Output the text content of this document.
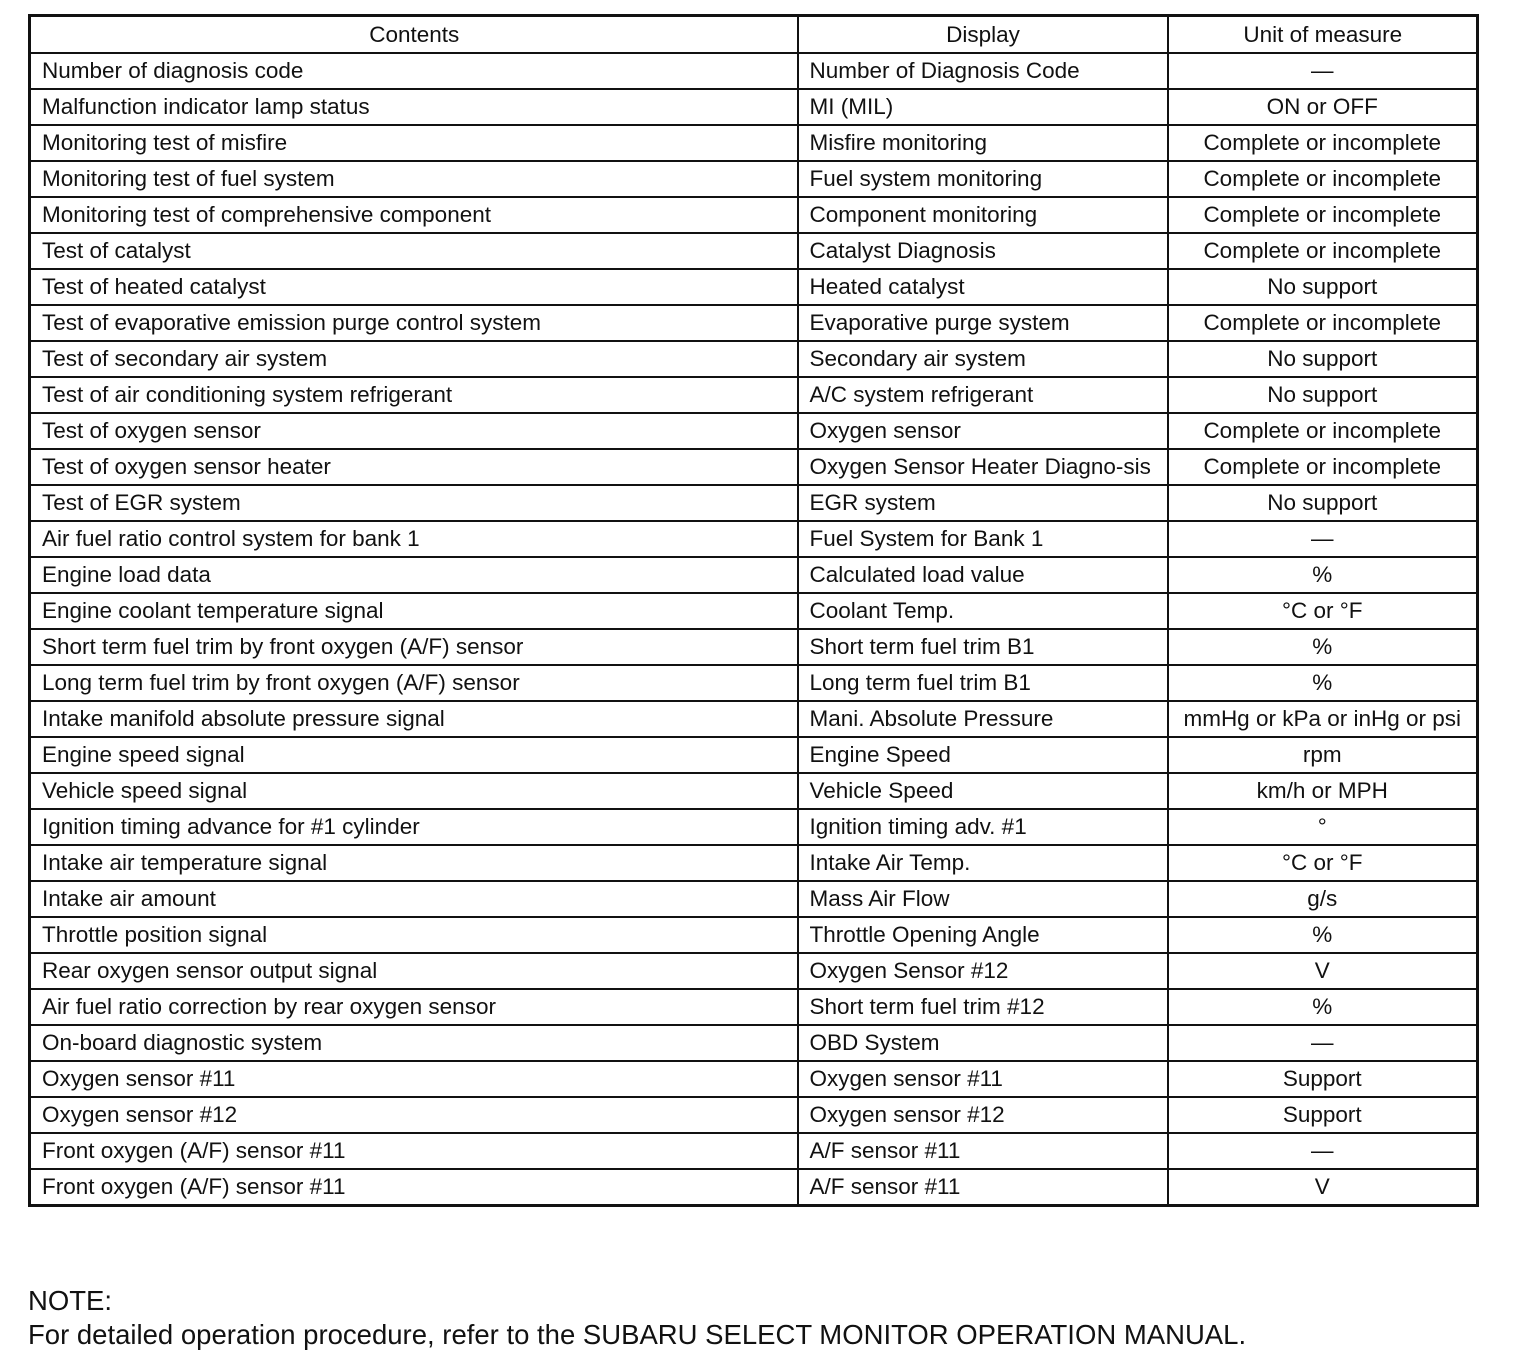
Contents	Display	Unit of measure
Number of diagnosis code	Number of Diagnosis Code	—
Malfunction indicator lamp status	MI (MIL)	ON or OFF
Monitoring test of misfire	Misfire monitoring	Complete or incomplete
Monitoring test of fuel system	Fuel system monitoring	Complete or incomplete
Monitoring test of comprehensive component	Component monitoring	Complete or incomplete
Test of catalyst	Catalyst Diagnosis	Complete or incomplete
Test of heated catalyst	Heated catalyst	No support
Test of evaporative emission purge control system	Evaporative purge system	Complete or incomplete
Test of secondary air system	Secondary air system	No support
Test of air conditioning system refrigerant	A/C system refrigerant	No support
Test of oxygen sensor	Oxygen sensor	Complete or incomplete
Test of oxygen sensor heater	Oxygen Sensor Heater Diagno-sis	Complete or incomplete
Test of EGR system	EGR system	No support
Air fuel ratio control system for bank 1	Fuel System for Bank 1	—
Engine load data	Calculated load value	%
Engine coolant temperature signal	Coolant Temp.	°C or °F
Short term fuel trim by front oxygen (A/F) sensor	Short term fuel trim B1	%
Long term fuel trim by front oxygen (A/F) sensor	Long term fuel trim B1	%
Intake manifold absolute pressure signal	Mani. Absolute Pressure	mmHg or kPa or inHg or psi
Engine speed signal	Engine Speed	rpm
Vehicle speed signal	Vehicle Speed	km/h or MPH
Ignition timing advance for #1 cylinder	Ignition timing adv. #1	°
Intake air temperature signal	Intake Air Temp.	°C or °F
Intake air amount	Mass Air Flow	g/s
Throttle position signal	Throttle Opening Angle	%
Rear oxygen sensor output signal	Oxygen Sensor #12	V
Air fuel ratio correction by rear oxygen sensor	Short term fuel trim #12	%
On-board diagnostic system	OBD System	—
Oxygen sensor #11	Oxygen sensor #11	Support
Oxygen sensor #12	Oxygen sensor #12	Support
Front oxygen (A/F) sensor #11	A/F sensor #11	—
Front oxygen (A/F) sensor #11	A/F sensor #11	V
NOTE:
For detailed operation procedure, refer to the SUBARU SELECT MONITOR OPERATION MANUAL.
